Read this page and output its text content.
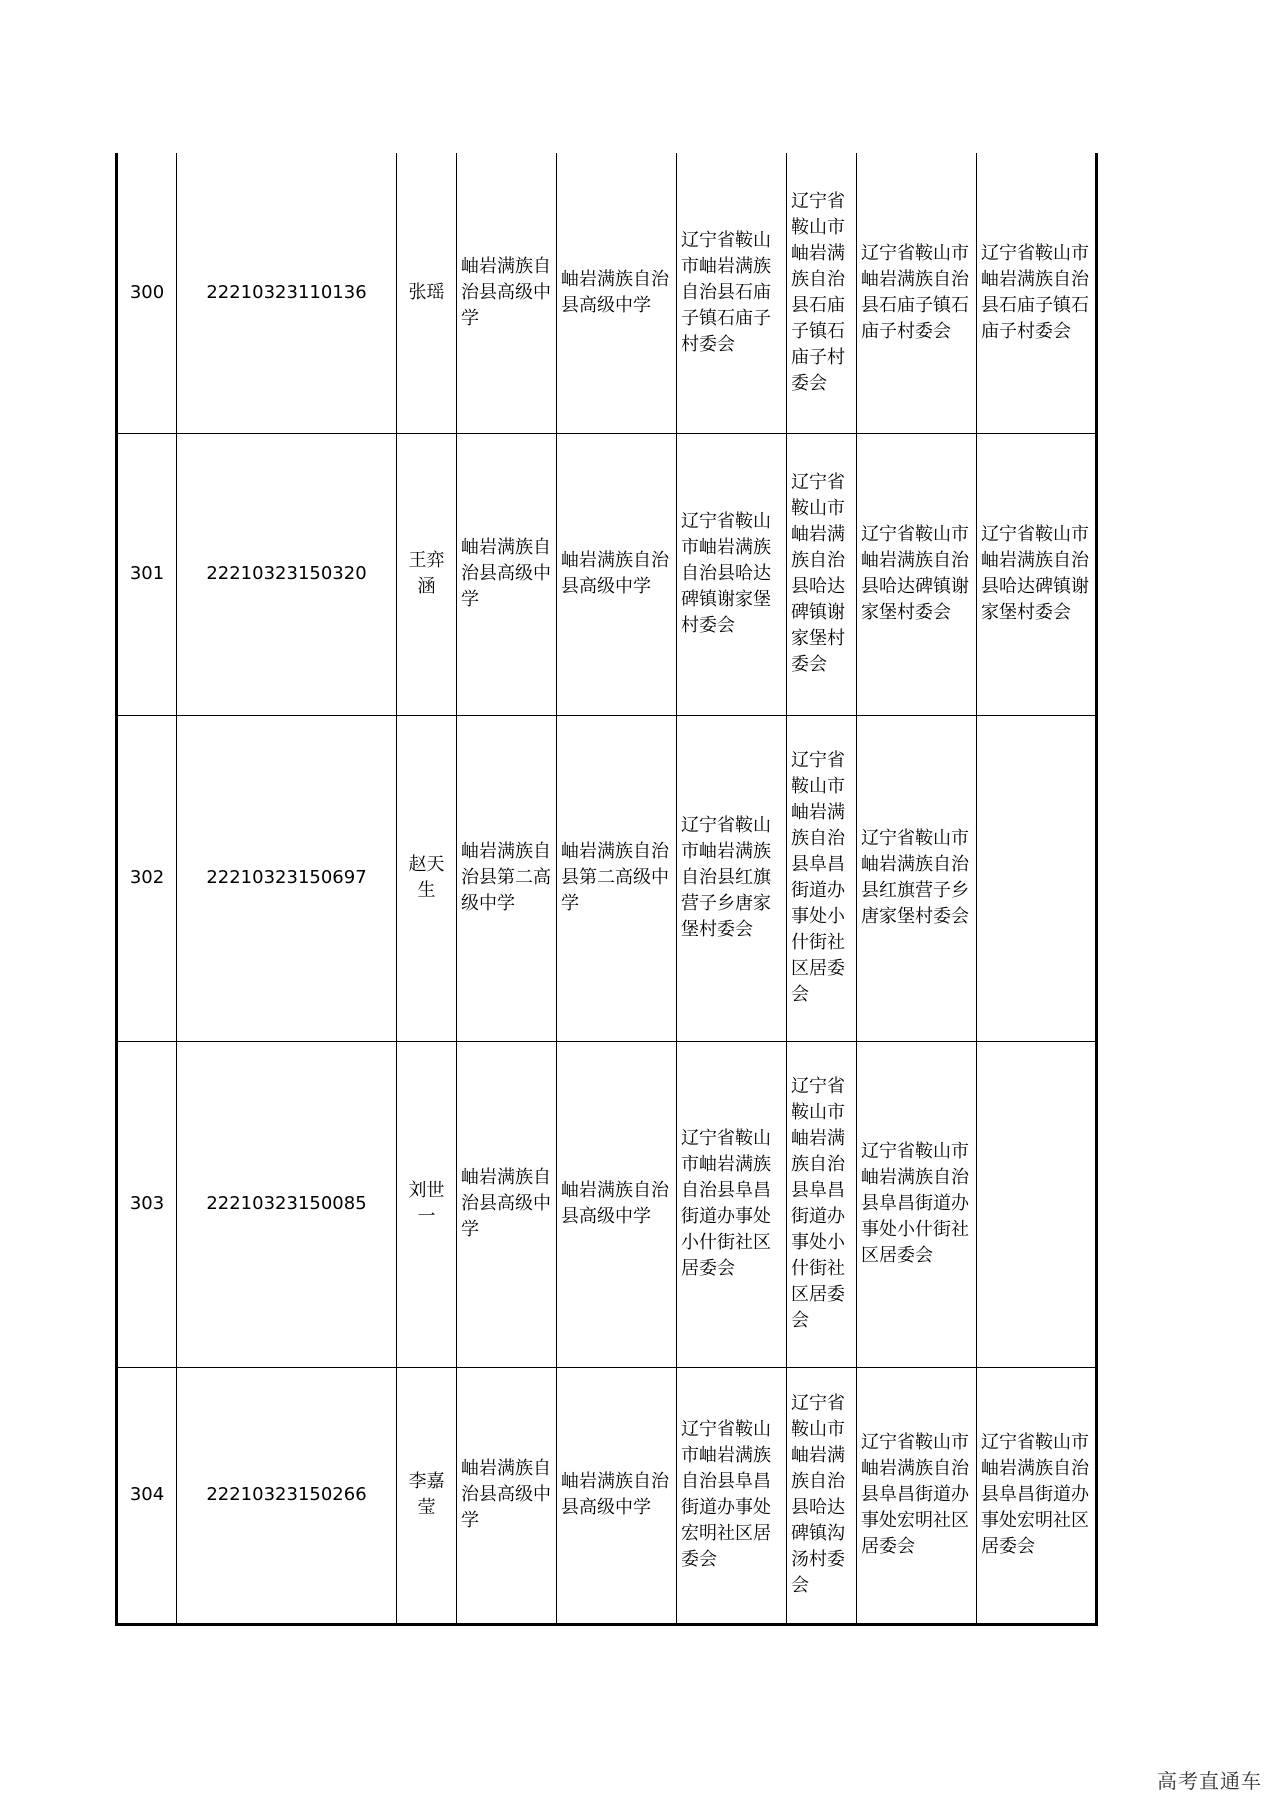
300	22210323110136	张瑶	岫岩满族自治县高级中学	岫岩满族自治县高级中学	辽宁省鞍山市岫岩满族自治县石庙子镇石庙子村委会	辽宁省鞍山市岫岩满族自治县石庙子镇石庙子村委会	辽宁省鞍山市岫岩满族自治县石庙子镇石庙子村委会	辽宁省鞍山市岫岩满族自治县石庙子镇石庙子村委会
301	22210323150320	王弈涵	岫岩满族自治县高级中学	岫岩满族自治县高级中学	辽宁省鞍山市岫岩满族自治县哈达碑镇谢家堡村委会	辽宁省鞍山市岫岩满族自治县哈达碑镇谢家堡村委会	辽宁省鞍山市岫岩满族自治县哈达碑镇谢家堡村委会	辽宁省鞍山市岫岩满族自治县哈达碑镇谢家堡村委会
302	22210323150697	赵天生	岫岩满族自治县第二高级中学	岫岩满族自治县第二高级中学	辽宁省鞍山市岫岩满族自治县红旗营子乡唐家堡村委会	辽宁省鞍山市岫岩满族自治县阜昌街道办事处小什街社区居委会	辽宁省鞍山市岫岩满族自治县红旗营子乡唐家堡村委会	
303	22210323150085	刘世一	岫岩满族自治县高级中学	岫岩满族自治县高级中学	辽宁省鞍山市岫岩满族自治县阜昌街道办事处小什街社区居委会	辽宁省鞍山市岫岩满族自治县阜昌街道办事处小什街社区居委会	辽宁省鞍山市岫岩满族自治县阜昌街道办事处小什街社区居委会	
304	22210323150266	李嘉莹	岫岩满族自治县高级中学	岫岩满族自治县高级中学	辽宁省鞍山市岫岩满族自治县阜昌街道办事处宏明社区居委会	辽宁省鞍山市岫岩满族自治县哈达碑镇沟汤村委会	辽宁省鞍山市岫岩满族自治县阜昌街道办事处宏明社区居委会	辽宁省鞍山市岫岩满族自治县阜昌街道办事处宏明社区居委会
高考直通车
